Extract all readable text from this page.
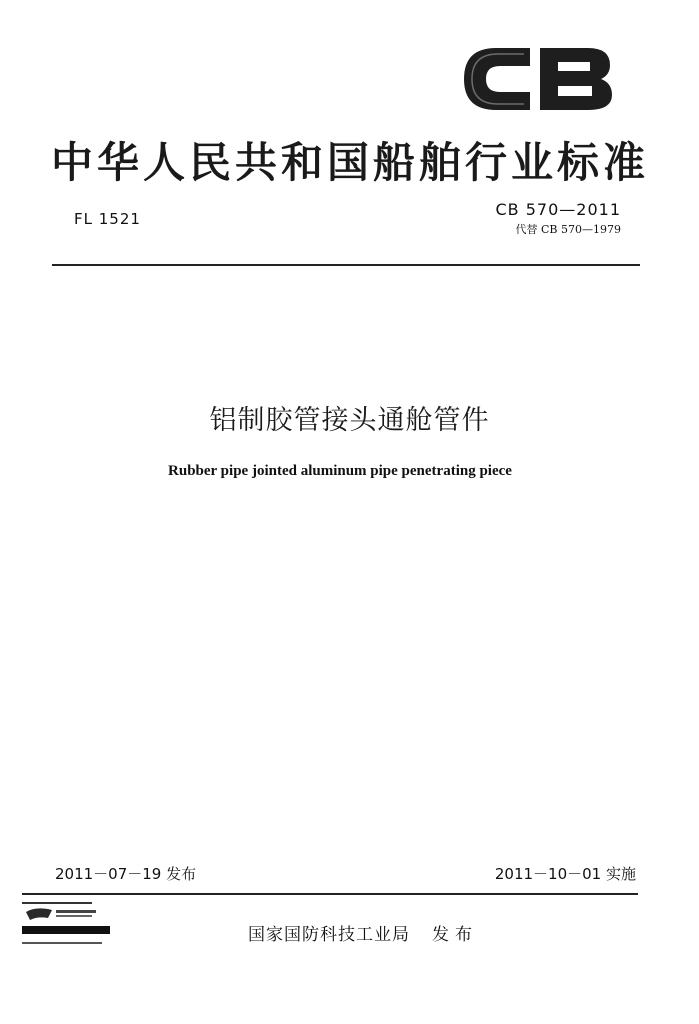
中华人民共和国船舶行业标准
FL 1521	CB 570—2011
代替 CB 570—1979
铝制胶管接头通舱管件
Rubber pipe jointed aluminum pipe penetrating piece
2011－07－19 发布	2011－10－01 实施
国家国防科技工业局 发布
